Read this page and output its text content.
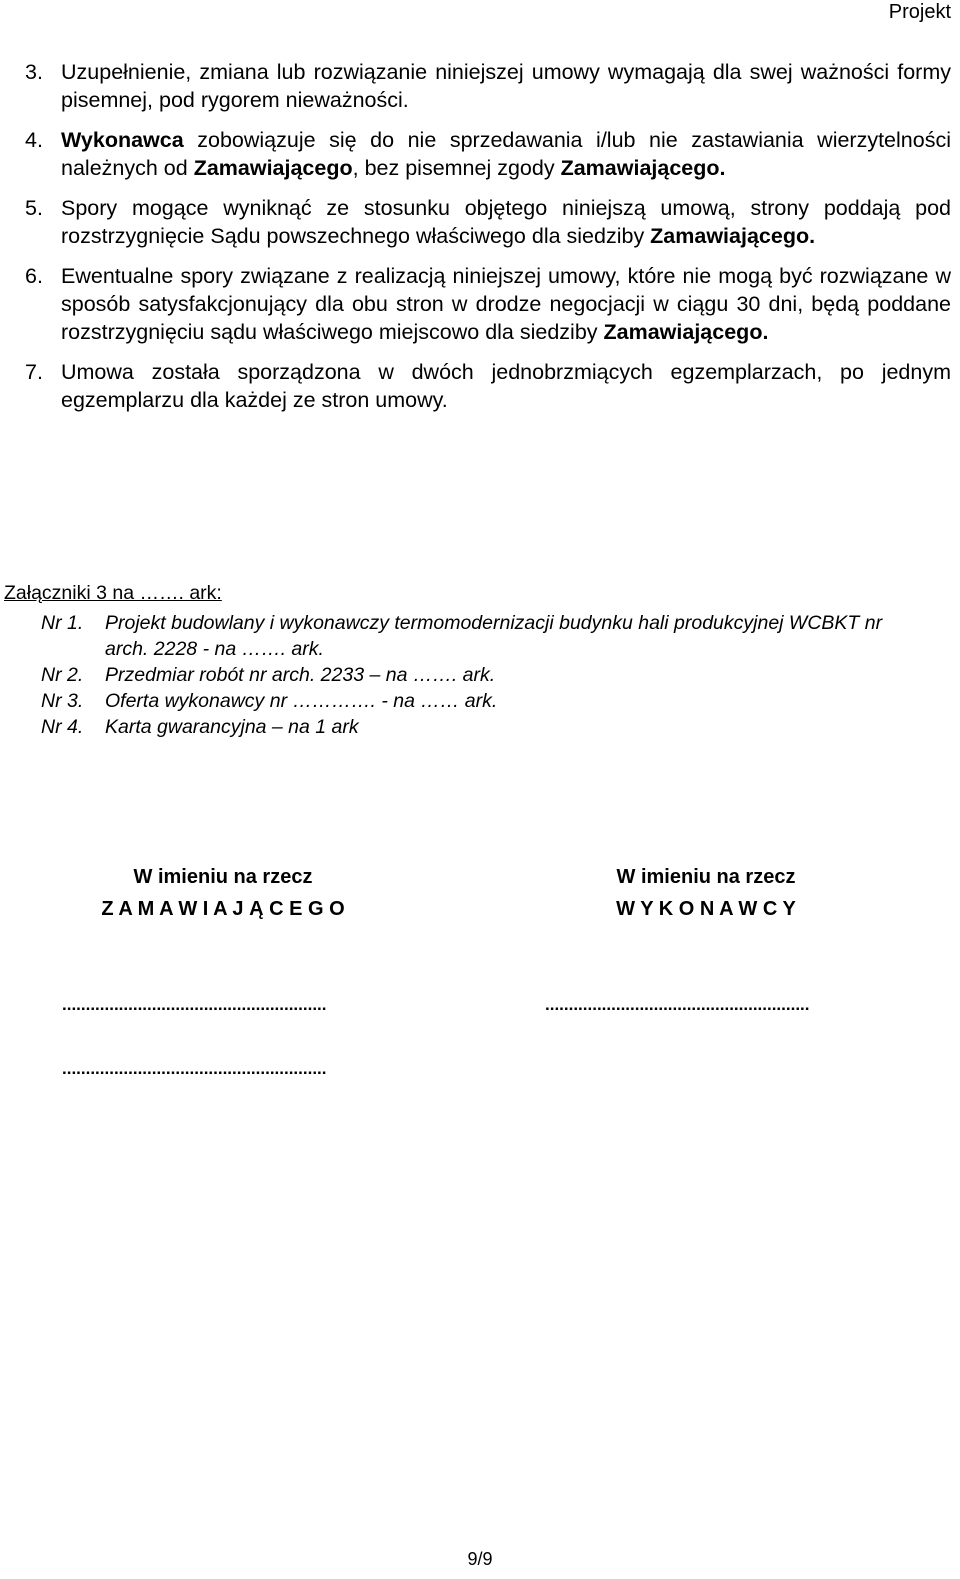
Projekt
3. Uzupełnienie, zmiana lub rozwiązanie niniejszej umowy wymagają dla swej ważności formy pisemnej, pod rygorem nieważności.
4. Wykonawca zobowiązuje się do nie sprzedawania i/lub nie zastawiania wierzytelności należnych od Zamawiającego, bez pisemnej zgody Zamawiającego.
5. Spory mogące wyniknąć ze stosunku objętego niniejszą umową, strony poddają pod rozstrzygnięcie Sądu powszechnego właściwego dla siedziby Zamawiającego.
6. Ewentualne spory związane z realizacją niniejszej umowy, które nie mogą być rozwiązane w sposób satysfakcjonujący dla obu stron w drodze negocjacji w ciągu 30 dni, będą poddane rozstrzygnięciu sądu właściwego miejscowo dla siedziby Zamawiającego.
7. Umowa została sporządzona w dwóch jednobrzmiących egzemplarzach, po jednym egzemplarzu dla każdej ze stron umowy.
Załączniki 3 na ……. ark:
Nr 1.	Projekt budowlany i wykonawczy termomodernizacji budynku hali produkcyjnej WCBKT nr arch. 2228 - na ……. ark.
Nr 2.	Przedmiar robót nr arch. 2233 – na ……. ark.
Nr 3.	Oferta wykonawcy nr …………. - na …… ark.
Nr 4.	Karta gwarancyjna – na 1 ark
W imieniu na rzecz
Z A M A W I A J Ą C E G O
W imieniu na rzecz
W Y K O N A W C Y
........................................................	........................................................
........................................................
9/9
